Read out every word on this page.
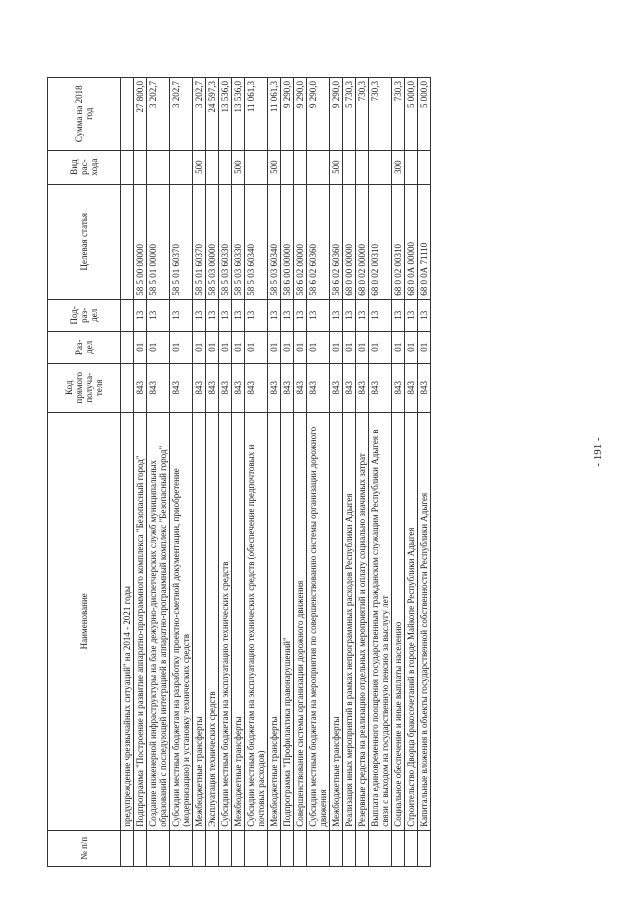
- 191 -
№ п/п	Наименование	Код прямого получа- теля	Раз- дел	Под- раз- дел	Целевая статья	Вид рас- хода	Сумма на 2018 год
	предупреждение чрезвычайных ситуаций" на 2014 - 2021 годы						
	Подпрограмма "Построение и развитие аппаратно-программного комплекса "Безопасный город"	843	01	13	58 5 00 00000		27 800,0
	Создание инженерной инфраструктуры на базе дежурно-диспетчерских служб муниципальных образований с последующей интеграцией в аппаратно-программный комплекс "Безопасный город"	843	01	13	58 5 01 00000		3 202,7
	Субсидии местным бюджетам на разработку проектно-сметной документации, приобретение (модернизацию) и установку технических средств	843	01	13	58 5 01 60370		3 202,7
	Межбюджетные трансферты	843	01	13	58 5 01 60370	500	3 202,7
	Эксплуатация технических средств	843	01	13	58 5 03 00000		24 597,3
	Субсидии местным бюджетам на эксплуатацию технических средств	843	01	13	58 5 03 60330		13 536,0
	Межбюджетные трансферты	843	01	13	58 5 03 60330	500	13 536,0
	Субсидии местным бюджетам на эксплуатацию технических средств (обеспечение предпочтовых и почтовых расходов)	843	01	13	58 5 03 60340		11 061,3
	Межбюджетные трансферты	843	01	13	58 5 03 60340	500	11 061,3
	Подпрограмма "Профилактика правонарушений"	843	01	13	58 6 00 00000		9 290,0
	Совершенствование системы организации дорожного движения	843	01	13	58 6 02 00000		9 290,0
	Субсидии местным бюджетам на мероприятия по совершенствованию системы организации дорожного движения	843	01	13	58 6 02 60360		9 290,0
	Межбюджетные трансферты	843	01	13	58 6 02 60360	500	9 290,0
	Реализация иных мероприятий в рамках непрограммных расходов Республики Адыгея	843	01	13	68 0 00 00000		5 730,3
	Резервные средства на реализацию отдельных мероприятий и оплату социально значимых затрат	843	01	13	68 0 02 00000		730,3
	Выплата единовременного поощрения государственным гражданским служащим Республики Адыгея в связи с выходом на государственную пенсию за выслугу лет	843	01	13	68 0 02 00310		730,3
	Социальное обеспечение и иные выплаты населению	843	01	13	68 0 02 00310	300	730,3
	Строительство Дворца бракосочетаний в городе Майкопе Республики Адыгея	843	01	13	68 0 0А 00000		5 000,0
	Капитальные вложения в объекты государственной собственности Республики Адыгея	843	01	13	68 0 0А 71110		5 000,0
